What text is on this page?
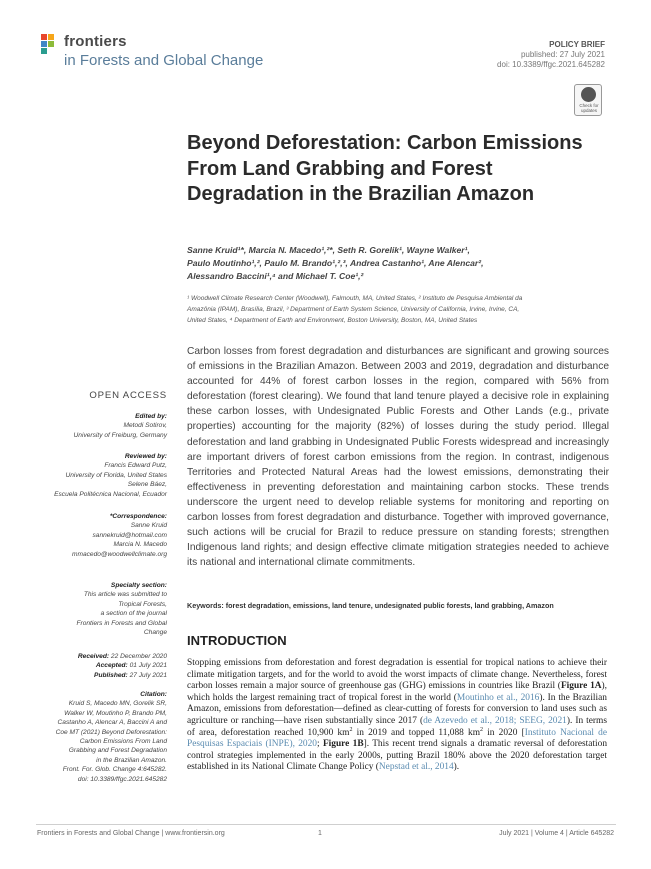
frontiers
in Forests and Global Change
POLICY BRIEF
published: 27 July 2021
doi: 10.3389/ffgc.2021.645282
Check for updates
Beyond Deforestation: Carbon Emissions From Land Grabbing and Forest Degradation in the Brazilian Amazon
Sanne Kruid¹*, Marcia N. Macedo¹,²*, Seth R. Gorelik¹, Wayne Walker¹,
Paulo Moutinho¹,², Paulo M. Brando¹,²,³, Andrea Castanho¹, Ane Alencar²,
Alessandro Baccini¹,⁴ and Michael T. Coe¹,²
¹ Woodwell Climate Research Center (Woodwell), Falmouth, MA, United States, ² Instituto de Pesquisa Ambiental da
Amazônia (IPAM), Brasília, Brazil, ³ Department of Earth System Science, University of California, Irvine, Irvine, CA,
United States, ⁴ Department of Earth and Environment, Boston University, Boston, MA, United States

Carbon losses from forest degradation and disturbances are significant and growing sources of emissions in the Brazilian Amazon. Between 2003 and 2019, degradation and disturbance accounted for 44% of forest carbon losses in the region, compared with 56% from deforestation (forest clearing). We found that land tenure played a decisive role in explaining these carbon losses, with Undesignated Public Forests and Other Lands (e.g., private properties) accounting for the majority (82%) of losses during the study period. Illegal deforestation and land grabbing in Undesignated Public Forests widespread and increasingly are important drivers of forest carbon emissions from the region. In contrast, indigenous Territories and Protected Natural Areas had the lowest emissions, demonstrating their effectiveness in preventing deforestation and maintaining carbon stocks. These trends underscore the urgent need to develop reliable systems for monitoring and reporting on carbon losses from forest degradation and disturbance. Together with improved governance, such actions will be crucial for Brazil to reduce pressure on standing forests; strengthen Indigenous land rights; and design effective climate mitigation strategies needed to achieve its national and international climate commitments.

Keywords: forest degradation, emissions, land tenure, undesignated public forests, land grabbing, Amazon
INTRODUCTION

Stopping emissions from deforestation and forest degradation is essential for tropical nations to achieve their climate mitigation targets, and for the world to avoid the worst impacts of climate change. Nevertheless, forest carbon losses remain a major source of greenhouse gas (GHG) emissions in countries like Brazil (Figure 1A), which holds the largest remaining tract of tropical forest in the world (Moutinho et al., 2016). In the Brazilian Amazon, emissions from deforestation—defined as clear-cutting of forests for conversion to land uses such as agriculture or ranching—have risen substantially since 2017 (de Azevedo et al., 2018; SEEG, 2021). In terms of area, deforestation reached 10,900 $km^2$ in 2019 and topped 11,088 $km^2$ in 2020 [Instituto Nacional de Pesquisas Espaciais (INPE), 2020; Figure 1B]. This recent trend signals a dramatic reversal of deforestation control strategies implemented in the early 2000s, putting Brazil 180% above the 2020 deforestation target established in its National Climate Change Policy (Nepstad et al., 2014).

OPEN ACCESS
Edited by:
Metodi Sotirov,
University of Freiburg, Germany
Reviewed by:
Francis Edward Putz,
University of Florida, United States
Selene Báez,
Escuela Politécnica Nacional, Ecuador
*Correspondence:
Sanne Kruid
sannekruid@hotmail.com
Marcia N. Macedo
mmacedo@woodwellclimate.org
Specialty section:
This article was submitted to
Tropical Forests,
a section of the journal
Frontiers in Forests and Global
Change
Received: 22 December 2020
Accepted: 01 July 2021
Published: 27 July 2021
Citation:
Kruid S, Macedo MN, Gorelik SR,
Walker W, Moutinho P, Brando PM,
Castanho A, Alencar A, Baccini A and
Coe MT (2021) Beyond Deforestation:
Carbon Emissions From Land
Grabbing and Forest Degradation
in the Brazilian Amazon.
Front. For. Glob. Change 4:645282.
doi: 10.3389/ffgc.2021.645282
Frontiers in Forests and Global Change | www.frontiersin.org	1	July 2021 | Volume 4 | Article 645282
